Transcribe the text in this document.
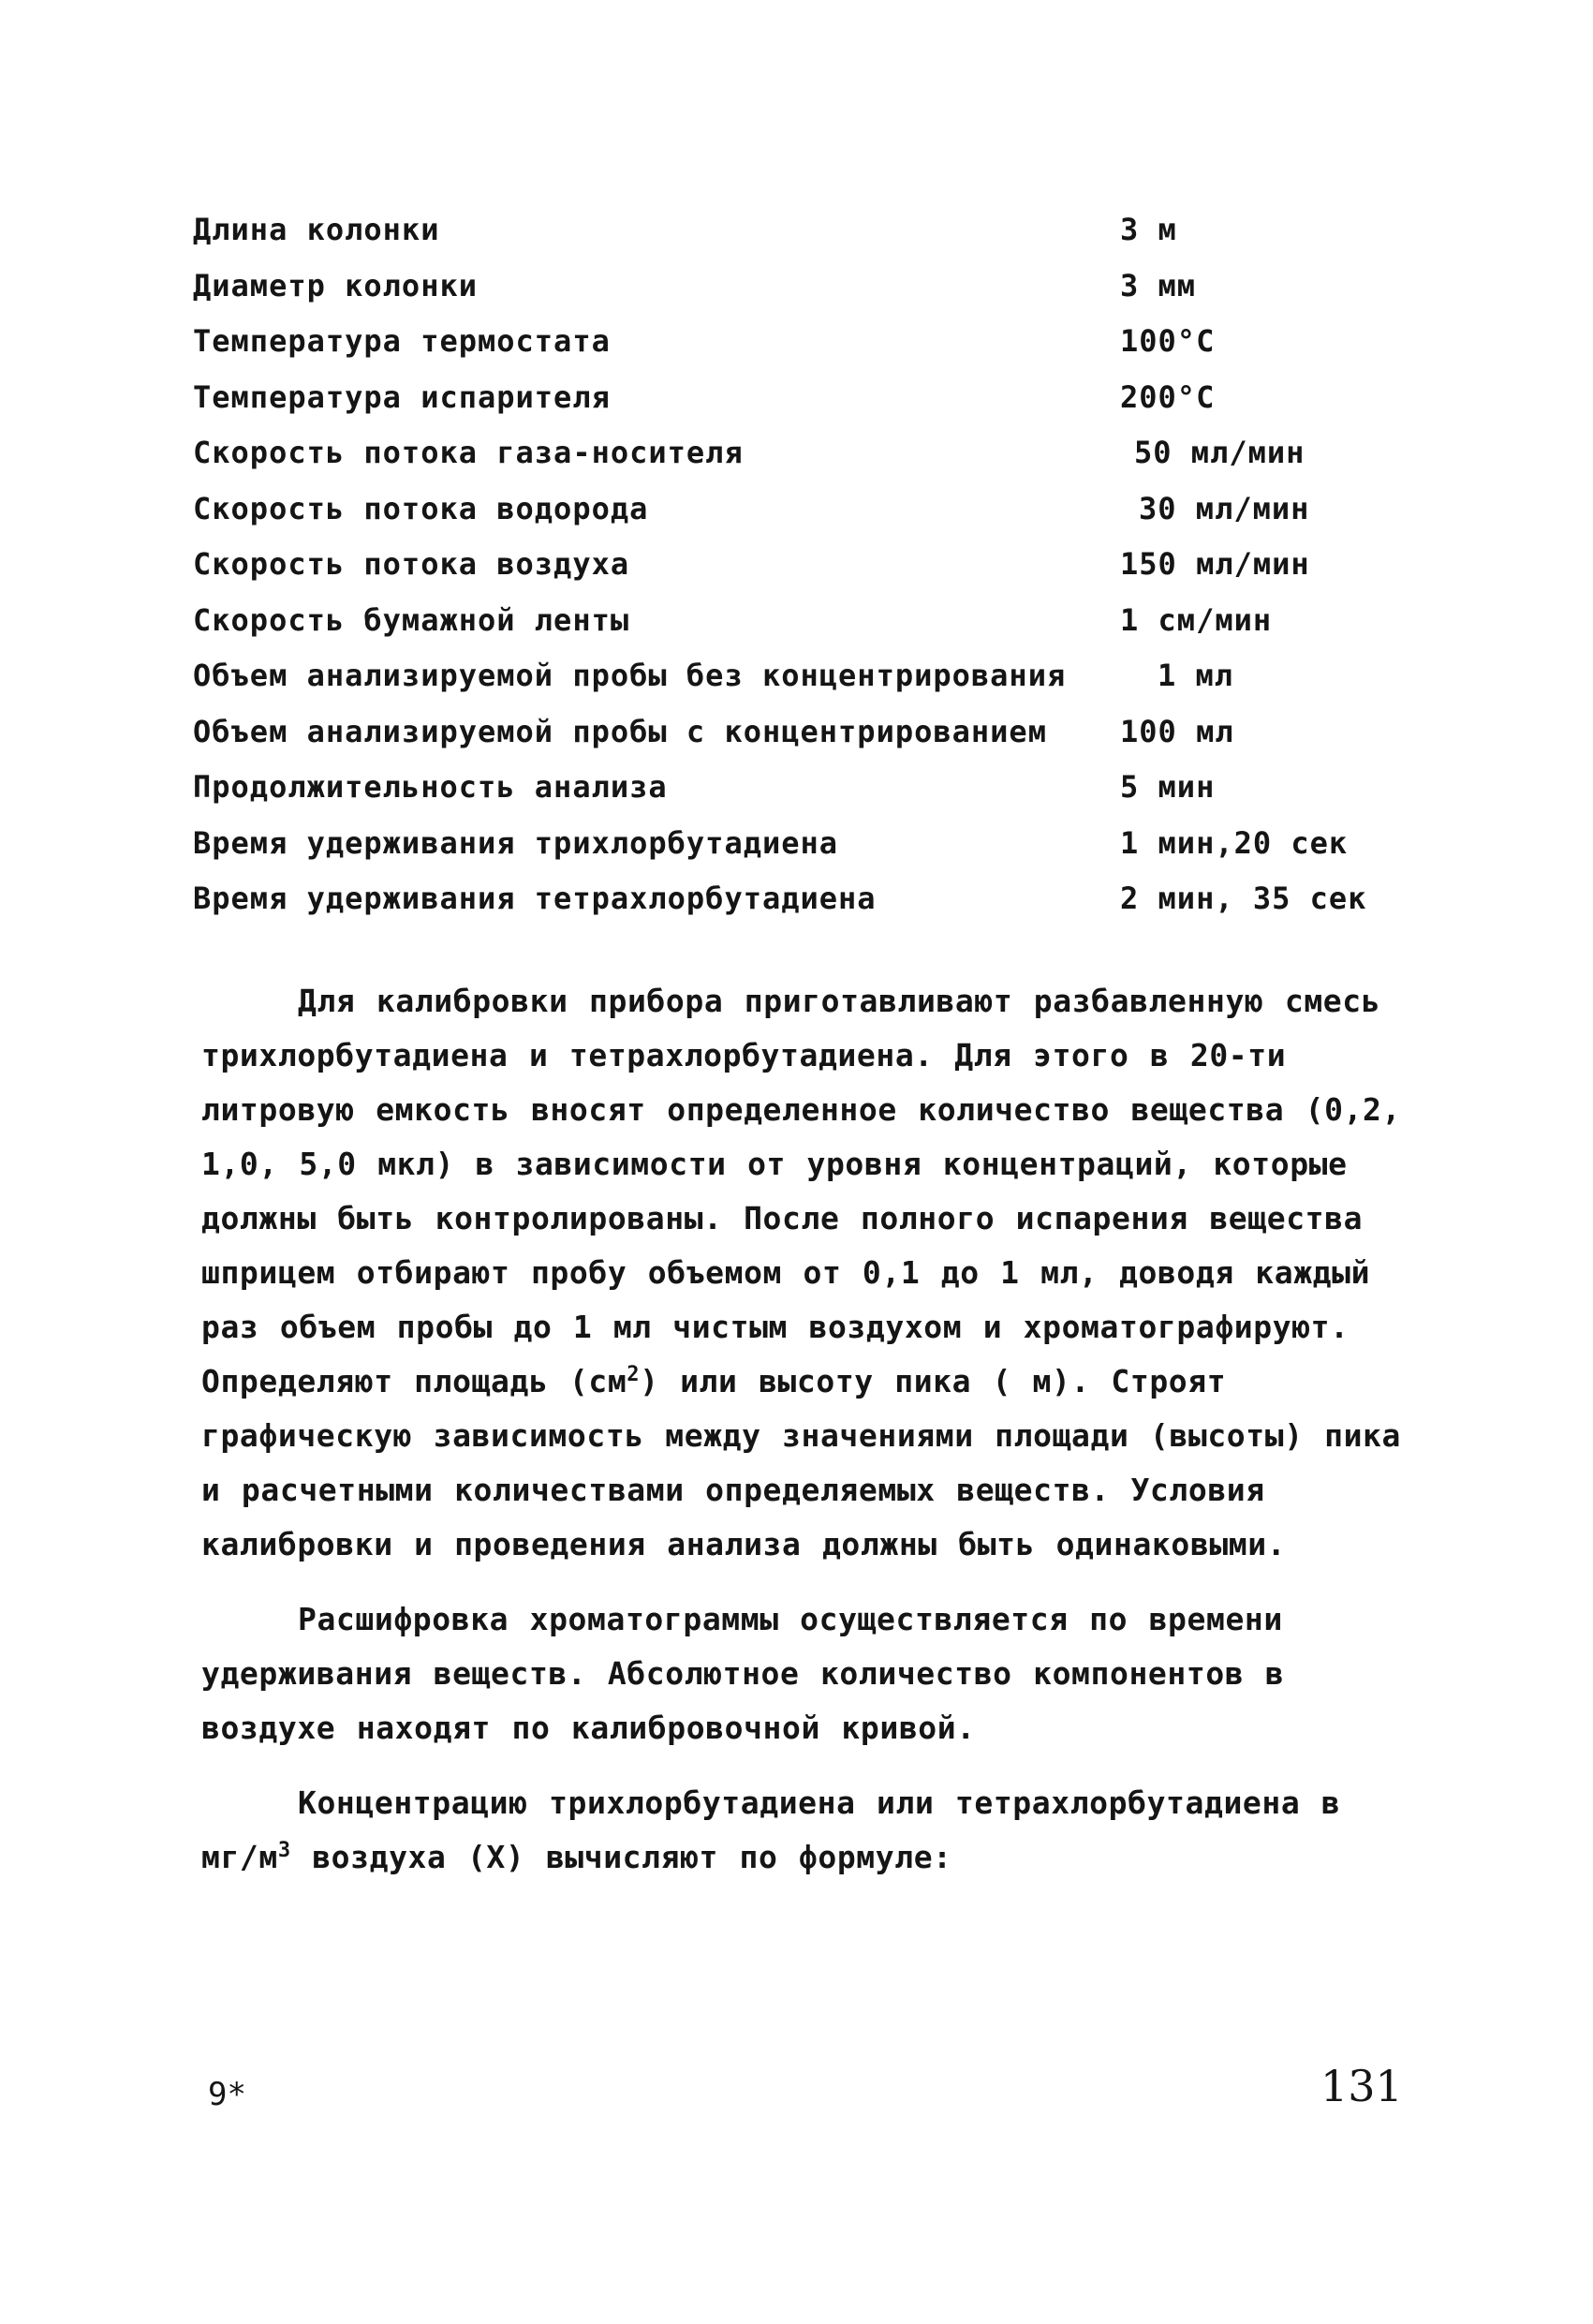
Длина колонки	3 м
Диаметр колонки	3 мм
Температура термостата	100°С
Температура испарителя	200°С
Скорость потока газа-носителя	50 мл/мин
Скорость потока водорода	30 мл/мин
Скорость потока воздуха	150 мл/мин
Скорость бумажной ленты	1 см/мин
Объем анализируемой пробы без концентрирования	1 мл
Объем анализируемой пробы с концентрированием 100 мл
Продолжительность анализа	5 мин
Время удерживания трихлорбутадиена	1 мин,20 сек
Время удерживания тетрахлорбутадиена	2 мин, 35 сек

Для калибровки прибора приготавливают разбавленную смесь трихлорбутадиена и тетрахлорбутадиена. Для этого в 20-ти литровую емкость вносят определенное количество вещества (0,2, 1,0, 5,0 мкл) в зависимости от уровня концентраций, которые должны быть контролированы. После полного испарения вещества шприцем отбирают пробу объемом от 0,1 до 1 мл, доводя каждый раз объем пробы до 1 мл чистым воздухом и хроматографируют. Определяют площадь $(см^2)$ или высоту пика ( м). Строят графическую зависимость между значениями площади (высоты) пика и расчетными количествами определяемых веществ. Условия калибровки и проведения анализа должны быть одинаковыми.

Расшифровка хроматограммы осуществляется по времени удерживания веществ. Абсолютное количество компонентов в воздухе находят по калибровочной кривой.

Концентрацию трихлорбутадиена или тетрахлорбутадиена в $мг/м^3$ воздуха (X) вычисляют по формуле:

9*	131
